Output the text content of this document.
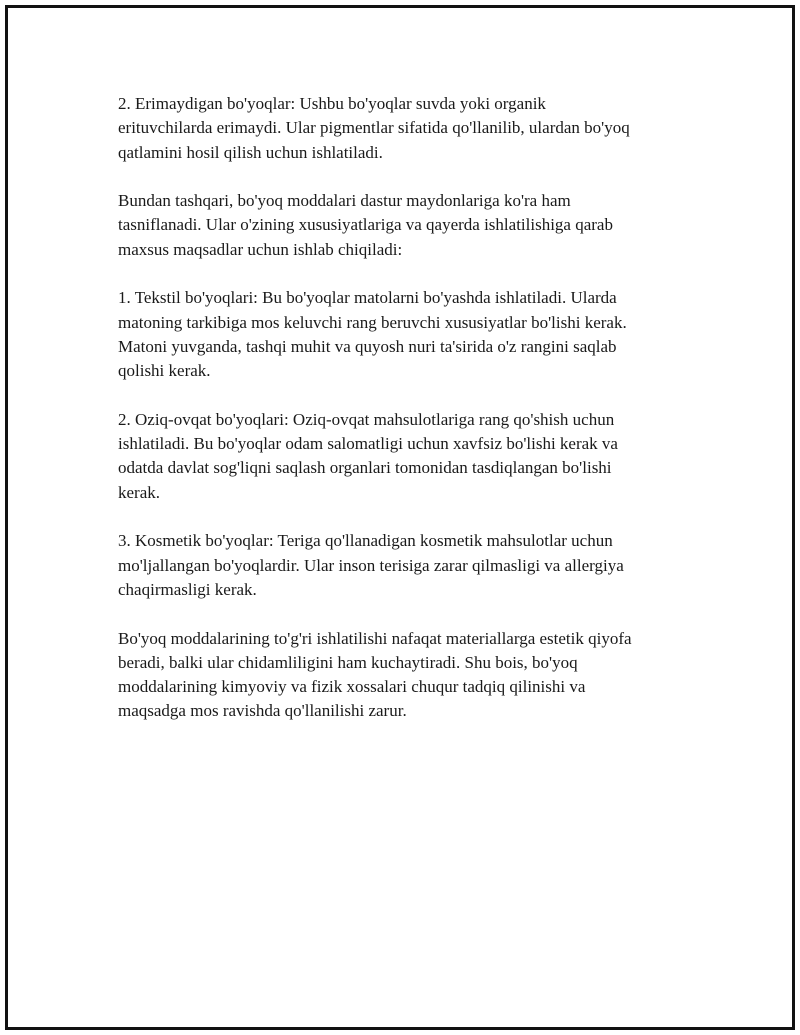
2. Erimaydigan bo'yoqlar: Ushbu bo'yoqlar suvda yoki organik
erituvchilarda erimaydi. Ular pigmentlar sifatida qo'llanilib, ulardan bo'yoq
qatlamini hosil qilish uchun ishlatiladi.

Bundan tashqari, bo'yoq moddalari dastur maydonlariga ko'ra ham
tasniflanadi. Ular o'zining xususiyatlariga va qayerda ishlatilishiga qarab
maxsus maqsadlar uchun ishlab chiqiladi:

1. Tekstil bo'yoqlari: Bu bo'yoqlar matolarni bo'yashda ishlatiladi. Ularda
matoning tarkibiga mos keluvchi rang beruvchi xususiyatlar bo'lishi kerak.
Matoni yuvganda, tashqi muhit va quyosh nuri ta'sirida o'z rangini saqlab
qolishi kerak.

2. Oziq-ovqat bo'yoqlari: Oziq-ovqat mahsulotlariga rang qo'shish uchun
ishlatiladi. Bu bo'yoqlar odam salomatligi uchun xavfsiz bo'lishi kerak va
odatda davlat sog'liqni saqlash organlari tomonidan tasdiqlangan bo'lishi
kerak.

3. Kosmetik bo'yoqlar: Teriga qo'llanadigan kosmetik mahsulotlar uchun
mo'ljallangan bo'yoqlardir. Ular inson terisiga zarar qilmasligi va allergiya
chaqirmasligi kerak.

Bo'yoq moddalarining to'g'ri ishlatilishi nafaqat materiallarga estetik qiyofa
beradi, balki ular chidamliligini ham kuchaytiradi. Shu bois, bo'yoq
moddalarining kimyoviy va fizik xossalari chuqur tadqiq qilinishi va
maqsadga mos ravishda qo'llanilishi zarur.
